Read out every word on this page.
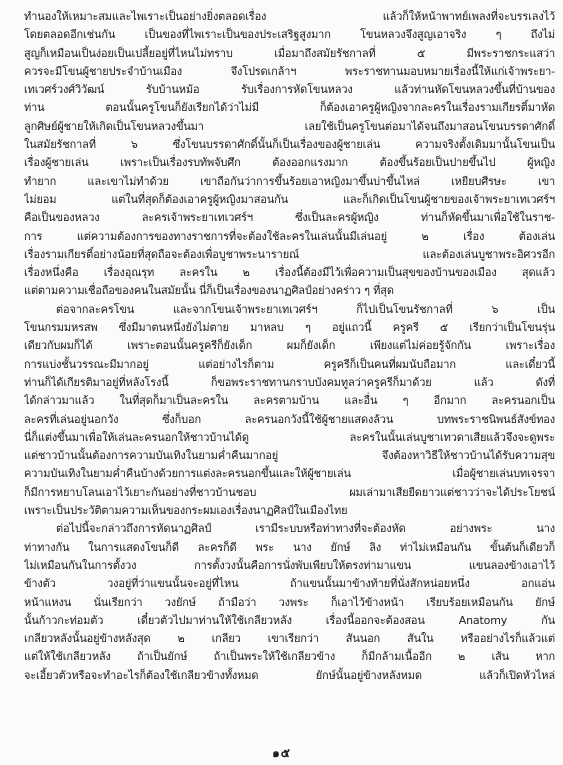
ทำนองให้เหมาะสมและไพเราะเป็นอย่างยิ่งตลอดเรื่อง แล้วก็ให้หน้าพาทย์เพลงที่จะบรรเลงไว้
โดยตลอดอีกเช่นกัน เป็นของที่ไพเราะเป็นของประเสริฐสูงมาก โขนหลวงจึงสูญเอาจริง ๆ ถึงไม่
สูญก็เหมือนเป็นง่อยเป็นเปลี้ยอยู่ที่ไหนไม่ทราบ เมื่อมาถึงสมัยรัชกาลที่ ๕ มีพระราชกระแสว่า
ควรจะมีโขนผู้ชายประจำบ้านเมือง จึงโปรดเกล้าฯ พระราชทานมอบหมายเรื่องนี้ให้แก่เจ้าพระยา-
เทเวศร์วงศ์วิวัฒน์ รับบ้านหม้อ รับเรื่องการหัดโขนหลวง แล้วท่านหัดโขนหลวงขึ้นที่บ้านของ
ท่าน ตอนนั้นครูโขนก็ยังเรียกได้ว่าไม่มี ก็ต้องเอาครูผู้หญิงจากละครในเรื่องรามเกียรติ์มาหัด
ลูกศิษย์ผู้ชายให้เกิดเป็นโขนหลวงขึ้นมา เลยใช้เป็นครูโขนต่อมาได้จนถึงมาสอนโขนบรรดาศักดิ์
ในสมัยรัชกาลที่ ๖ ซึ่งโขนบรรดาศักดิ์นั้นก็เป็นเรื่องของผู้ชายเล่น ความจริงตั้งเดิมมานั้นโขนเป็น
เรื่องผู้ชายเล่น เพราะเป็นเรื่องรบทัพจับศึก ต้องออกแรงมาก ต้องขึ้นร้อยเป็นปายขึ้นไป ผู้หญิง
ทำยาก และเขาไม่ทำด้วย เขาถือกันว่าการขึ้นร้อยเอาหญิงมาขึ้นบ่าขึ้นไหล่ เหยียบศีรษะ เขา
ไม่ยอม แต่ในที่สุดก็ต้องเอาครูผู้หญิงมาสอนกัน และก็เกิดเป็นโขนผู้ชายของเจ้าพระยาเทเวศร์ฯ
คือเป็นของหลวง ละครเจ้าพระยาเทเวศร์ฯ ซึ่งเป็นละครผู้หญิง ท่านก็หัดขึ้นมาเพื่อใช้ในราช-
การ แต่ความต้องการของทางราชการที่จะต้องใช้ละครในเล่นนั้นมีเล่นอยู่ ๒ เรื่อง ต้องเล่น
เรื่องรามเกียรติ์อย่างน้อยที่สุดถือจะต้องเพื่อบูชาพระนารายณ์ และต้องเล่นบูชาพระอิศวรอีก
เรื่องหนึ่งคือ เรื่องอุณรุท ละครใน ๒ เรื่องนี้ต้องมีไว้เพื่อความเป็นสุขของบ้านของเมือง สุดแล้ว
แต่ตามความเชื่อถือของคนในสมัยนั้น นี่ก็เป็นเรื่องของนาฏศิลป์อย่างคร่าว ๆ ที่สุด
ต่อจากละครโขน และจากโขนเจ้าพระยาเทเวศร์ฯ ก็ไปเป็นโขนรัชกาลที่ ๖ เป็น
โขนกรมมหรสพ ซึ่งมีมาตนหนึ่งยังไม่ตาย มาหลบ ๆ อยู่แถวนี้ ครูครี ๕ เรียกว่าเป็นโขนรุ่น
เดียวกับผมก็ได้ เพราะตอนนั้นครูครีก็ยังเด็ก ผมก็ยังเด็ก เพียงแต่ไม่ค่อยรู้จักกัน เพราะเรื่อง
การแบ่งชั้นวรรณะมีมากอยู่ แต่อย่างไรก็ตาม ครูครีก็เป็นคนที่ผมนับถือมาก และเดี๋ยวนี้
ท่านก็ได้เกียรติมาอยู่ที่หลังโรงนี้ ก็ขอพระราชทานกราบบังคมทูลว่าครูครีก็มาด้วย แล้ว ดังที่
ได้กล่าวมาแล้ว ในที่สุดก็มาเป็นละครใน ละครตามบ้าน และอื่น ๆ อีกมาก ละครนอกเป็น
ละครที่เล่นอยู่นอกวัง ซึ่งก็บอก ละครนอกวังนี้ใช้ผู้ชายแสดงล้วน บทพระราชนิพนธ์สังข์ทอง
นี่ก็แต่งขึ้นมาเพื่อให้เล่นละครนอกให้ชาวบ้านได้ดู ละครในนั้นเล่นบูชาเทวดาเสียแล้วจึงจะดูพระ
แต่ชาวบ้านนั้นต้องการความบันเทิงในยามค่ำคืนมากอยู่ จึงต้องหาวิธีให้ชาวบ้านได้รับความสุข
ความบันเทิงในยามค่ำคืนบ้างด้วยการแต่งละครนอกขึ้นและให้ผู้ชายเล่น เมื่อผู้ชายเล่นบทเจรจา
ก็มีการหยาบโลนเอาไว้เยาะกันอย่างที่ชาวบ้านชอบ ผมเล่ามาเสียยืดยาวแต่ชาวว่าจะได้ประโยชน์
เพราะเป็นประวัติตามความเห็นของกระผมเองเรื่องนาฏศิลป์ในเมืองไทย
ต่อไปนี้จะกล่าวถึงการหัดนาฏศิลป์ เรามีระบบหรือท่าทางที่จะต้องหัด อย่างพระ นาง
ท่าทางกัน ในการแสดงโขนก็ดี ละครก็ดี พระ นาง ยักษ์ ลิง ท่าไม่เหมือนกัน ขั้นต้นก็เดียวก็
ไม่เหมือนกันในการตั้งวง การตั้งวงนั้นคือการนั่งพับเพียบให้ตรงท่ามาแขน แขนลองข้างเอาไว้
ข้างตัว วงอยู่ที่ว่าแขนนั้นจะอยู่ที่ไหน ถ้าแขนนั้นมาข้างท้ายที่นั่งสักหน่อยหนึ่ง อกแอ่น
หน้าแหงน นั่นเรียกว่า วงยักษ์ ถ้ามือว่า วงพระ ก็เอาไว้ข้างหน้า เรียบร้อยเหมือนกัน ยักษ์
นั้นก้าวกะท่อมตัว เดี๋ยวตัวไปมาท่านให้ใช้เกลียวหลัง เรื่องนี้ออกจะต้องสอน Anatomy กัน
เกลียวหลังนั้นอยู่ข้างหลังสุด ๒ เกลียว เขาเรียกว่า สันนอก สันใน หรืออย่างไรก็แล้วแต่
แต่ให้ใช้เกลียวหลัง ถ้าเป็นยักษ์ ถ้าเป็นพระให้ใช้เกลียวข้าง ก็มีกล้ามเนื้ออีก ๒ เส้น หาก
จะเอี้ยวตัวหรือจะทำอะไรก็ต้องใช้เกลียวข้างทั้งหมด ยักษ์นั้นอยู่ข้างหลังหมด แล้วก็เปิดหัวไหล่
๑๕
